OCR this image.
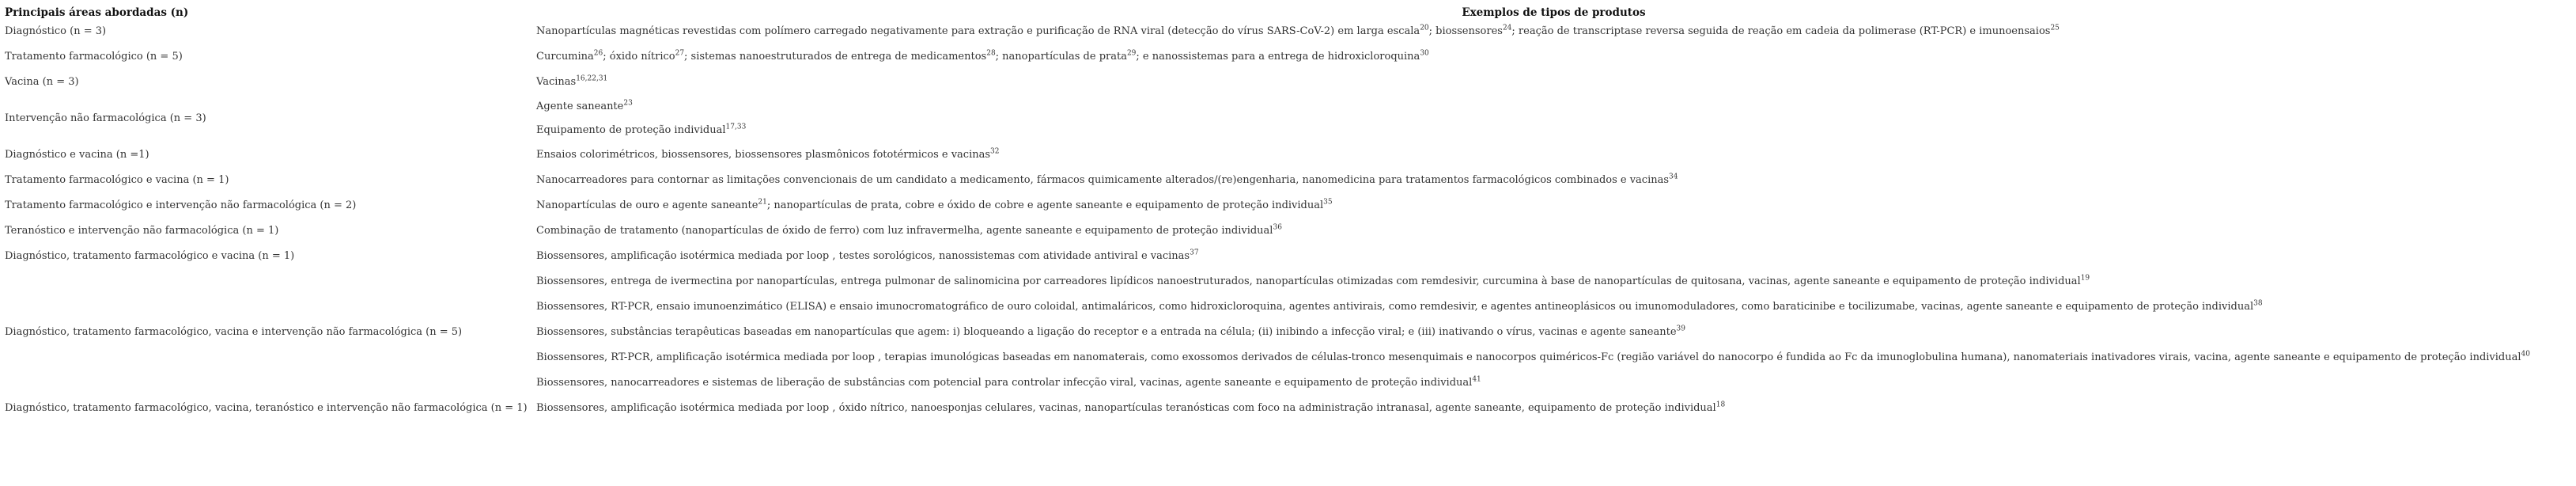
Principais áreas abordadas (n)	Exemplos de tipos de produtos
Diagnóstico (n = 3)	Nanopartículas magnéticas revestidas com polímero carregado negativamente para extração e purificação de RNA viral (detecção do vírus SARS-CoV-2) em larga escala$^{20}$; biossensores$^{24}$; reação de transcriptase reversa seguida de reação em cadeia da polimerase (RT-PCR) e imunoensaios$^{25}$

Tratamento farmacológico (n = 5)	Curcumina$^{26}$; óxido nítrico$^{27}$; sistemas nanoestruturados de entrega de medicamentos$^{28}$; nanopartículas de prata$^{29}$; e nanossistemas para a entrega de hidroxicloroquina$^{30}$

Vacina (n = 3)	Vacinas$^{16,22,31}$

Intervenção não farmacológica (n = 3)	Agente saneante$^{23}$
Equipamento de proteção individual$^{17,33}$

Diagnóstico e vacina (n =1)	Ensaios colorimétricos, biossensores, biossensores plasmônicos fototérmicos e vacinas$^{32}$

Tratamento farmacológico e vacina (n = 1)	Nanocarreadores para contornar as limitações convencionais de um candidato a medicamento, fármacos quimicamente alterados/(re)engenharia, nanomedicina para tratamentos farmacológicos combinados e vacinas$^{34}$

Tratamento farmacológico e intervenção não farmacológica (n = 2)	Nanopartículas de ouro e agente saneante$^{21}$; nanopartículas de prata, cobre e óxido de cobre e agente saneante e equipamento de proteção individual$^{35}$

Teranóstico e intervenção não farmacológica (n = 1)	Combinação de tratamento (nanopartículas de óxido de ferro) com luz infravermelha, agente saneante e equipamento de proteção individual$^{36}$

Diagnóstico, tratamento farmacológico e vacina (n = 1)	Biossensores, amplificação isotérmica mediada por loop , testes sorológicos, nanossistemas com atividade antiviral e vacinas$^{37}$

Diagnóstico, tratamento farmacológico, vacina e intervenção não farmacológica (n = 5)	Biossensores, entrega de ivermectina por nanopartículas, entrega pulmonar de salinomicina por carreadores lipídicos nanoestruturados, nanopartículas otimizadas com remdesivir, curcumina à base de nanopartículas de quitosana, vacinas, agente saneante e equipamento de proteção individual$^{19}$
Biossensores, RT-PCR, ensaio imunoenzimático (ELISA) e ensaio imunocromatográfico de ouro coloidal, antimaláricos, como hidroxicloroquina, agentes antivirais, como remdesivir, e agentes antineoplásicos ou imunomoduladores, como baraticinibe e tocilizumabe, vacinas, agente saneante e equipamento de proteção individual$^{38}$
Biossensores, substâncias terapêuticas baseadas em nanopartículas que agem: i) bloqueando a ligação do receptor e a entrada na célula; (ii) inibindo a infecção viral; e (iii) inativando o vírus, vacinas e agente saneante$^{39}$
Biossensores, RT-PCR, amplificação isotérmica mediada por loop , terapias imunológicas baseadas em nanomaterais, como exossomos derivados de células-tronco mesenquimais e nanocorpos quiméricos-Fc (região variável do nanocorpo é fundida ao Fc da imunoglobulina humana), nanomateriais inativadores virais, vacina, agente saneante e equipamento de proteção individual$^{40}$
Biossensores, nanocarreadores e sistemas de liberação de substâncias com potencial para controlar infecção viral, vacinas, agente saneante e equipamento de proteção individual$^{41}$

Diagnóstico, tratamento farmacológico, vacina, teranóstico e intervenção não farmacológica (n = 1)	Biossensores, amplificação isotérmica mediada por loop , óxido nítrico, nanoesponjas celulares, vacinas, nanopartículas teranósticas com foco na administração intranasal, agente saneante, equipamento de proteção individual$^{18}$
